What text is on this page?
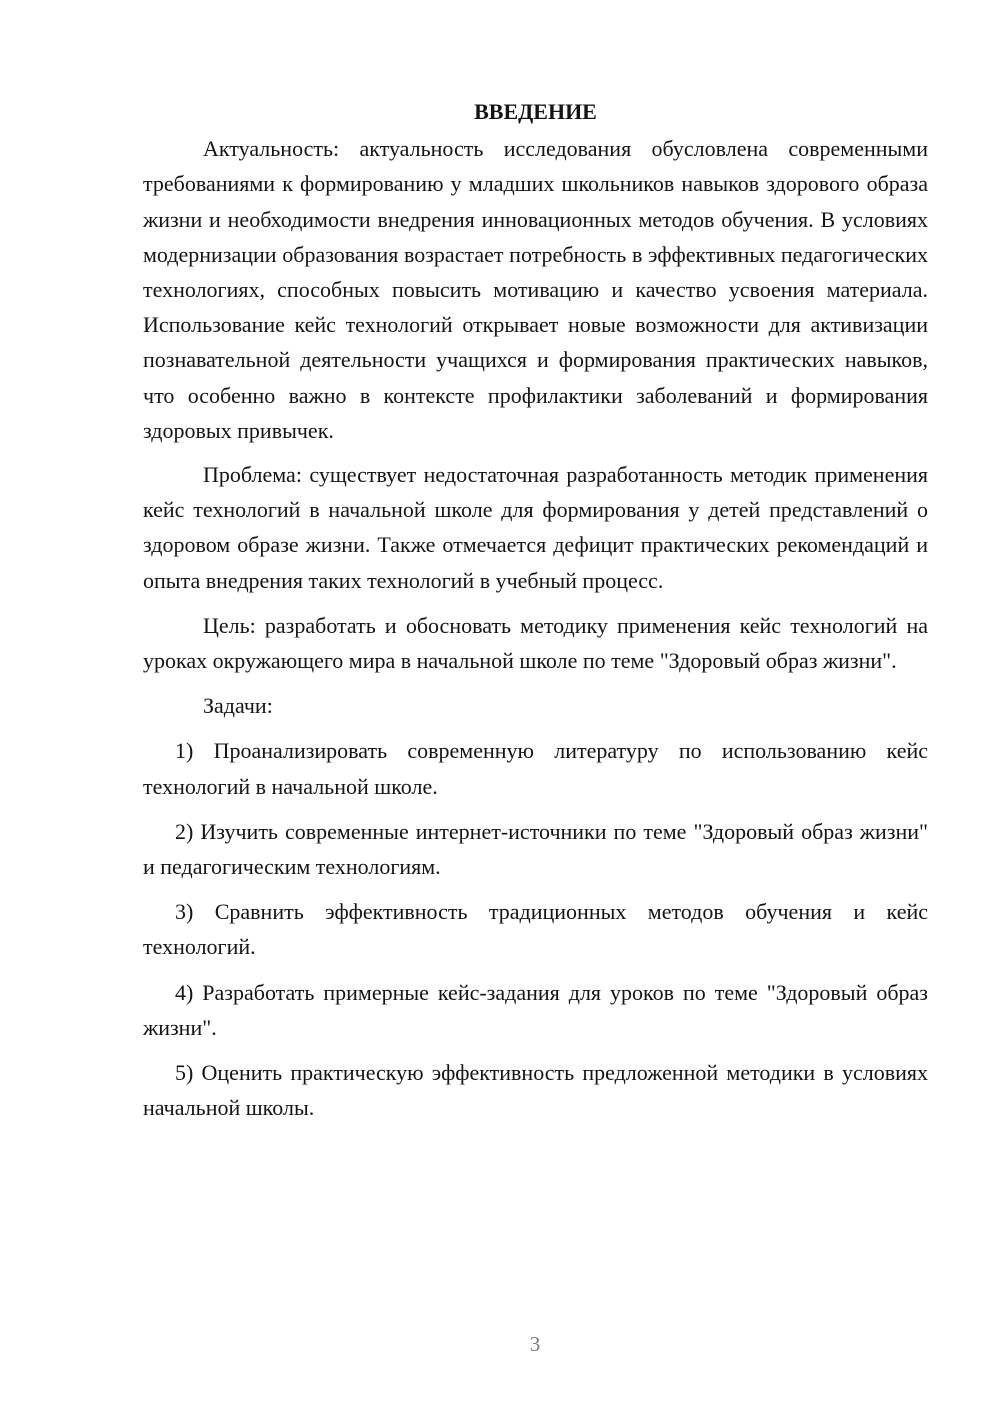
ВВЕДЕНИЕ

Актуальность: актуальность исследования обусловлена современными требованиями к формированию у младших школьников навыков здорового образа жизни и необходимости внедрения инновационных методов обучения. В условиях модернизации образования возрастает потребность в эффективных педагогических технологиях, способных повысить мотивацию и качество усвоения материала. Использование кейс технологий открывает новые возможности для активизации познавательной деятельности учащихся и формирования практических навыков, что особенно важно в контексте профилактики заболеваний и формирования здоровых привычек.

Проблема: существует недостаточная разработанность методик применения кейс технологий в начальной школе для формирования у детей представлений о здоровом образе жизни. Также отмечается дефицит практических рекомендаций и опыта внедрения таких технологий в учебный процесс.

Цель: разработать и обосновать методику применения кейс технологий на уроках окружающего мира в начальной школе по теме "Здоровый образ жизни".

Задачи:

1) Проанализировать современную литературу по использованию кейс технологий в начальной школе.

2) Изучить современные интернет-источники по теме "Здоровый образ жизни" и педагогическим технологиям.

3) Сравнить эффективность традиционных методов обучения и кейс технологий.

4) Разработать примерные кейс-задания для уроков по теме "Здоровый образ жизни".

5) Оценить практическую эффективность предложенной методики в условиях начальной школы.

3
